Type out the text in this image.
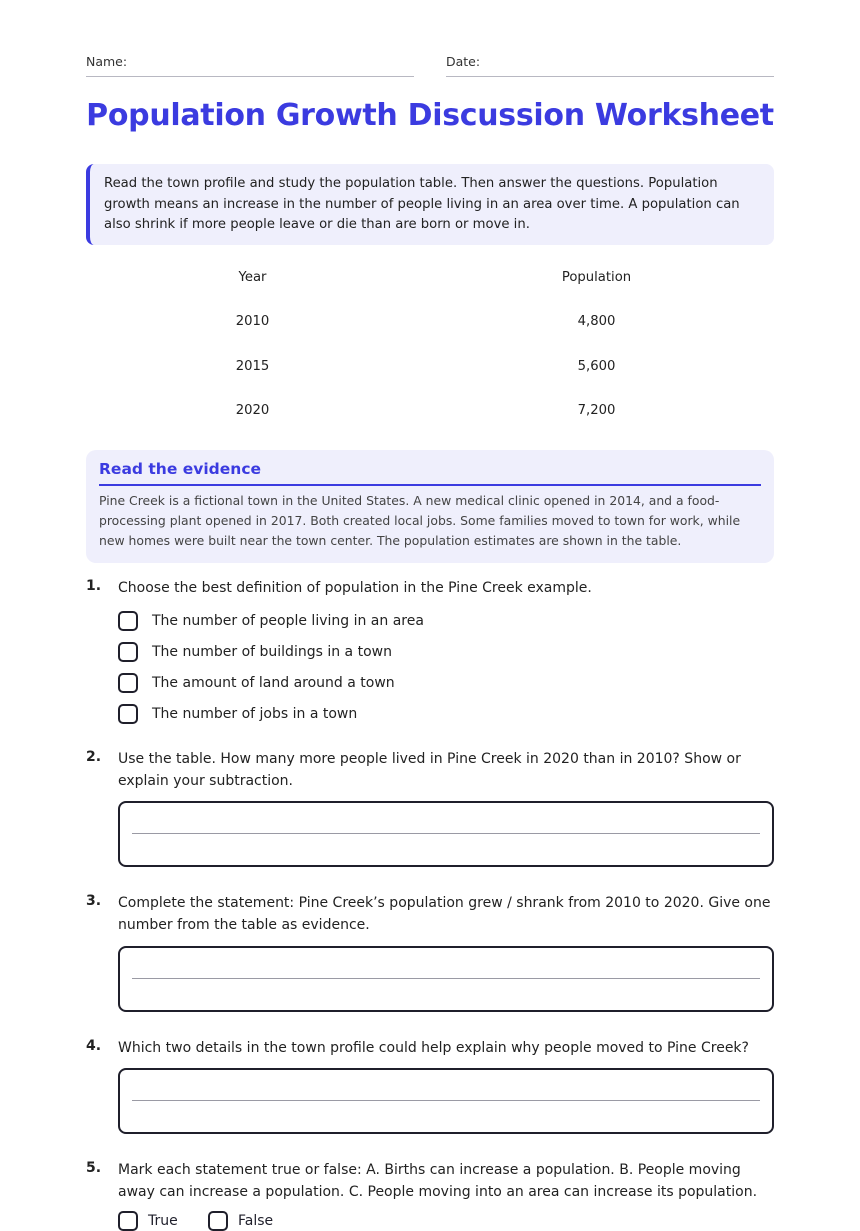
Name:	Date:
Population Growth Discussion Worksheet
Read the town profile and study the population table. Then answer the questions. Population growth means an increase in the number of people living in an area over time. A population can also shrink if more people leave or die than are born or move in.
Year	Population
2010	4,800
2015	5,600
2020	7,200
Read the evidence
Pine Creek is a fictional town in the United States. A new medical clinic opened in 2014, and a food-processing plant opened in 2017. Both created local jobs. Some families moved to town for work, while new homes were built near the town center. The population estimates are shown in the table.
1. Choose the best definition of population in the Pine Creek example.
The number of people living in an area
The number of buildings in a town
The amount of land around a town
The number of jobs in a town
2. Use the table. How many more people lived in Pine Creek in 2020 than in 2010? Show or explain your subtraction.
3. Complete the statement: Pine Creek’s population grew / shrank from 2010 to 2020. Give one number from the table as evidence.
4. Which two details in the town profile could help explain why people moved to Pine Creek?
5. Mark each statement true or false: A. Births can increase a population. B. People moving away can increase a population. C. People moving into an area can increase its population.
True	False
